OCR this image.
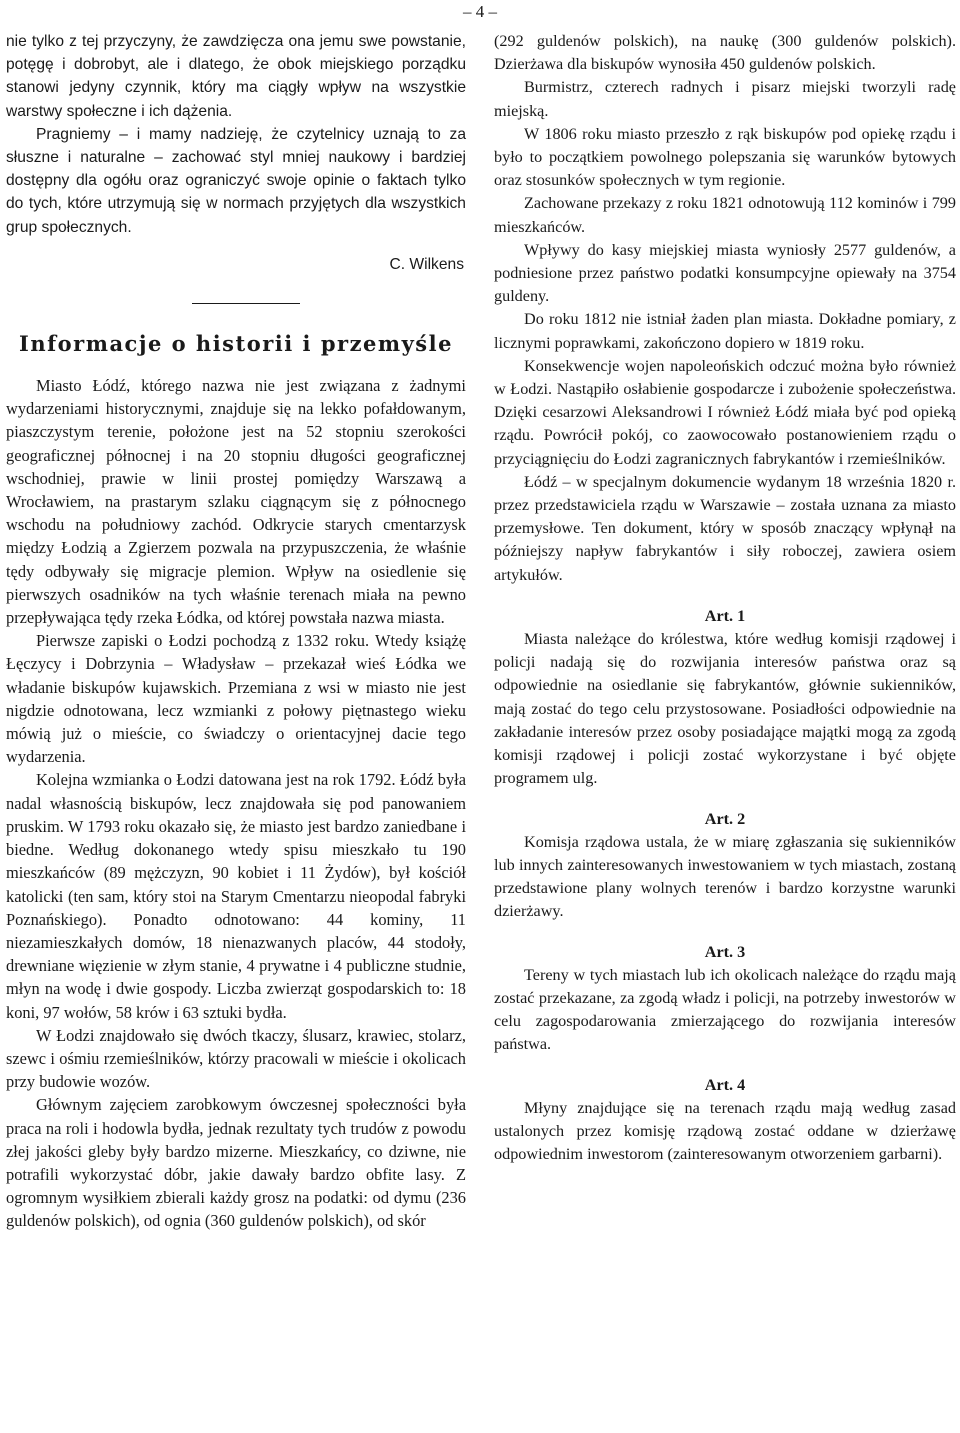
– 4 –

nie tylko z tej przyczyny, że zawdzięcza ona jemu swe powstanie, potęgę i dobrobyt, ale i dlatego, że obok miejskiego porządku stanowi jedyny czynnik, który ma ciągły wpływ na wszystkie warstwy społeczne i ich dążenia.

Pragniemy – i mamy nadzieję, że czytelnicy uznają to za słuszne i naturalne – zachować styl mniej naukowy i bardziej dostępny dla ogółu oraz ograniczyć swoje opinie o faktach tylko do tych, które utrzymują się w normach przyjętych dla wszystkich grup społecznych.

C. Wilkens

Informacje o historii i przemyśle

Miasto Łódź, którego nazwa nie jest związana z żadnymi wydarzeniami historycznymi, znajduje się na lekko pofałdowanym, piaszczystym terenie, położone jest na 52 stopniu szerokości geograficznej północnej i na 20 stopniu długości geograficznej wschodniej, prawie w linii prostej pomiędzy Warszawą a Wrocławiem, na prastarym szlaku ciągnącym się z północnego wschodu na południowy zachód. Odkrycie starych cmentarzysk między Łodzią a Zgierzem pozwala na przypuszczenia, że właśnie tędy odbywały się migracje plemion. Wpływ na osiedlenie się pierwszych osadników na tych właśnie terenach miała na pewno przepływająca tędy rzeka Łódka, od której powstała nazwa miasta.

Pierwsze zapiski o Łodzi pochodzą z 1332 roku. Wtedy książę Łęczycy i Dobrzynia – Władysław – przekazał wieś Łódka we władanie biskupów kujawskich. Przemiana z wsi w miasto nie jest nigdzie odnotowana, lecz wzmianki z połowy piętnastego wieku mówią już o mieście, co świadczy o orientacyjnej dacie tego wydarzenia.

Kolejna wzmianka o Łodzi datowana jest na rok 1792. Łódź była nadal własnością biskupów, lecz znajdowała się pod panowaniem pruskim. W 1793 roku okazało się, że miasto jest bardzo zaniedbane i biedne. Według dokonanego wtedy spisu mieszkało tu 190 mieszkańców (89 mężczyzn, 90 kobiet i 11 Żydów), był kościół katolicki (ten sam, który stoi na Starym Cmentarzu nieopodal fabryki Poznańskiego). Ponadto odnotowano: 44 kominy, 11 niezamieszkałych domów, 18 nienazwanych placów, 44 stodoły, drewniane więzienie w złym stanie, 4 prywatne i 4 publiczne studnie, młyn na wodę i dwie gospody. Liczba zwierząt gospodarskich to: 18 koni, 97 wołów, 58 krów i 63 sztuki bydła.

W Łodzi znajdowało się dwóch tkaczy, ślusarz, krawiec, stolarz, szewc i ośmiu rzemieślników, którzy pracowali w mieście i okolicach przy budowie wozów.

Głównym zajęciem zarobkowym ówczesnej społeczności była praca na roli i hodowla bydła, jednak rezultaty tych trudów z powodu złej jakości gleby były bardzo mizerne. Mieszkańcy, co dziwne, nie potrafili wykorzystać dóbr, jakie dawały bardzo obfite lasy. Z ogromnym wysiłkiem zbierali każdy grosz na podatki: od dymu (236 guldenów polskich), od ognia (360 guldenów polskich), od skór

(292 guldenów polskich), na naukę (300 guldenów polskich). Dzierżawa dla biskupów wynosiła 450 guldenów polskich.

Burmistrz, czterech radnych i pisarz miejski tworzyli radę miejską.

W 1806 roku miasto przeszło z rąk biskupów pod opiekę rządu i było to początkiem powolnego polepszania się warunków bytowych oraz stosunków społecznych w tym regionie.

Zachowane przekazy z roku 1821 odnotowują 112 kominów i 799 mieszkańców.

Wpływy do kasy miejskiej miasta wyniosły 2577 guldenów, a podniesione przez państwo podatki konsumpcyjne opiewały na 3754 guldeny.

Do roku 1812 nie istniał żaden plan miasta. Dokładne pomiary, z licznymi poprawkami, zakończono dopiero w 1819 roku.

Konsekwencje wojen napoleońskich odczuć można było również w Łodzi. Nastąpiło osłabienie gospodarcze i zubożenie społeczeństwa. Dzięki cesarzowi Aleksandrowi I również Łódź miała być pod opieką rządu. Powrócił pokój, co zaowocowało postanowieniem rządu o przyciągnięciu do Łodzi zagranicznych fabrykantów i rzemieślników.

Łódź – w specjalnym dokumencie wydanym 18 września 1820 r. przez przedstawiciela rządu w Warszawie – została uznana za miasto przemysłowe. Ten dokument, który w sposób znaczący wpłynął na późniejszy napływ fabrykantów i siły roboczej, zawiera osiem artykułów.

Art. 1

Miasta należące do królestwa, które według komisji rządowej i policji nadają się do rozwijania interesów państwa oraz są odpowiednie na osiedlanie się fabrykantów, głównie sukienników, mają zostać do tego celu przystosowane. Posiadłości odpowiednie na zakładanie interesów przez osoby posiadające majątki mogą za zgodą komisji rządowej i policji zostać wykorzystane i być objęte programem ulg.

Art. 2

Komisja rządowa ustala, że w miarę zgłaszania się sukienników lub innych zainteresowanych inwestowaniem w tych miastach, zostaną przedstawione plany wolnych terenów i bardzo korzystne warunki dzierżawy.

Art. 3

Tereny w tych miastach lub ich okolicach należące do rządu mają zostać przekazane, za zgodą władz i policji, na potrzeby inwestorów w celu zagospodarowania zmierzającego do rozwijania interesów państwa.

Art. 4

Młyny znajdujące się na terenach rządu mają według zasad ustalonych przez komisję rządową zostać oddane w dzierżawę odpowiednim inwestorom (zainteresowanym otworzeniem garbarni).
